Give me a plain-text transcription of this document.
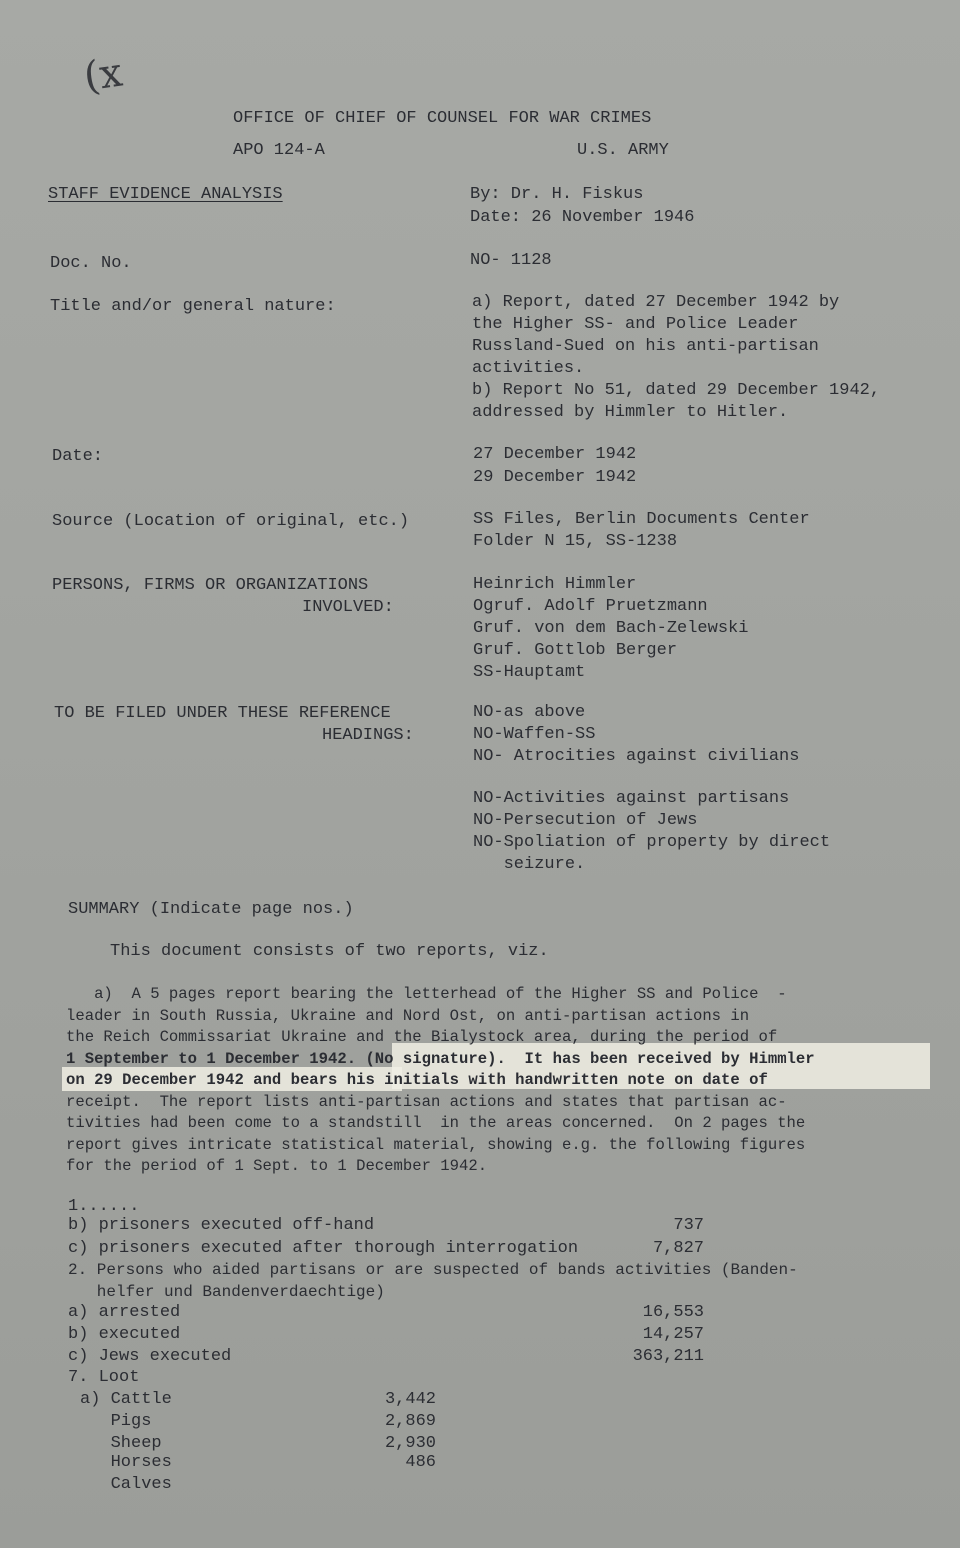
(x
OFFICE OF CHIEF OF COUNSEL FOR WAR CRIMES
APO 124-A	U.S. ARMY
STAFF EVIDENCE ANALYSIS	By: Dr. H. Fiskus
Date: 26 November 1946
Doc. No.	NO- 1128
Title and/or general nature:	a) Report, dated 27 December 1942 by
the Higher SS- and Police Leader
Russland-Sued on his anti-partisan
activities.
b) Report No 51, dated 29 December 1942,
addressed by Himmler to Hitler.
Date:	27 December 1942
29 December 1942
Source (Location of original, etc.)	SS Files, Berlin Documents Center
Folder N 15, SS-1238
PERSONS, FIRMS OR ORGANIZATIONS
INVOLVED:
Heinrich Himmler
Ogruf. Adolf Pruetzmann
Gruf. von dem Bach-Zelewski
Gruf. Gottlob Berger
SS-Hauptamt
TO BE FILED UNDER THESE REFERENCE
HEADINGS:
NO-as above
NO-Waffen-SS
NO- Atrocities against civilians
NO-Activities against partisans
NO-Persecution of Jews
NO-Spoliation of property by direct
seizure.
SUMMARY (Indicate page nos.)
This document consists of two reports, viz.
a)  A 5 pages report bearing the letterhead of the Higher SS and Police  -
leader in South Russia, Ukraine and Nord Ost, on anti-partisan actions in
the Reich Commissariat Ukraine and the Bialystock area, during the period of
1 September to 1 December 1942. (No signature).  It has been received by Himmler
on 29 December 1942 and bears his initials with handwritten note on date of
receipt.  The report lists anti-partisan actions and states that partisan ac-
tivities had been come to a standstill  in the areas concerned.  On 2 pages the
report gives intricate statistical material, showing e.g. the following figures
for the period of 1 Sept. to 1 December 1942.
1......
b) prisoners executed off-hand	737
c) prisoners executed after thorough interrogation	7,827
2. Persons who aided partisans or are suspected of bands activities (Banden-
helfer und Bandenverdaechtige)
a) arrested	16,553
b) executed	14,257
c) Jews executed	363,211
7. Loot
a) Cattle	3,442
Pigs	2,869
Sheep	2,930
Horses	486
Calves
